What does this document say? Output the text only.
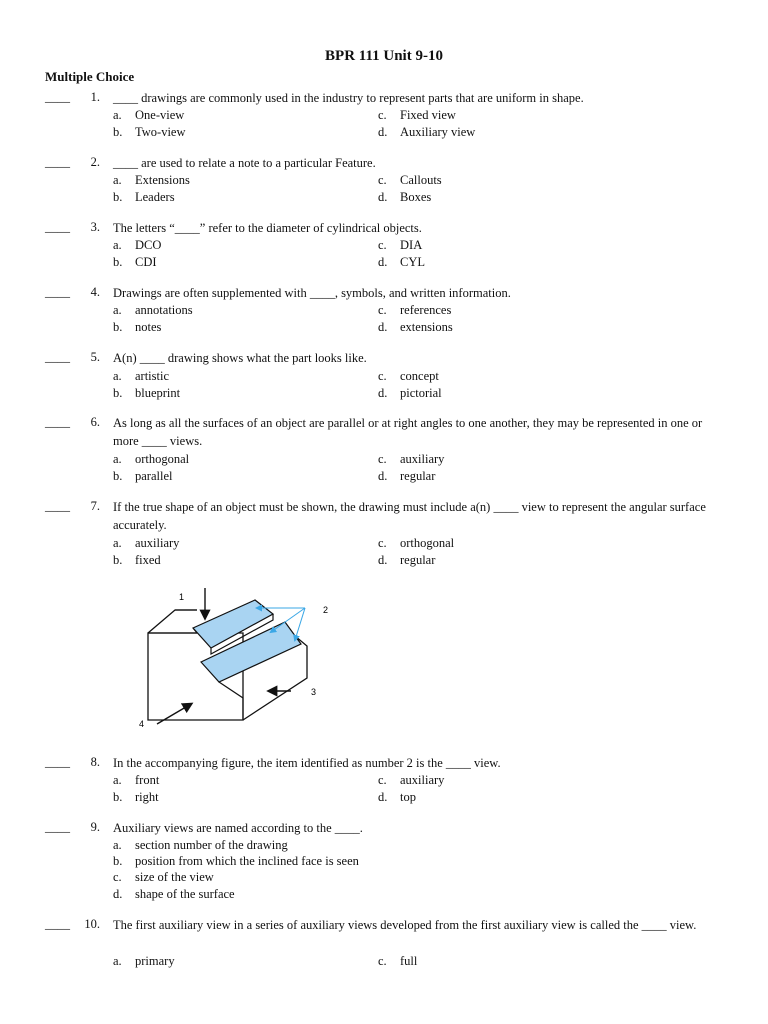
BPR 111 Unit 9-10
Multiple Choice
____	1. ____ drawings are commonly used in the industry to represent parts that are uniform in shape.
a.	One-view
b.	Two-view
c.	Fixed view
d.	Auxiliary view
____	2. ____ are used to relate a note to a particular Feature.
a.	Extensions
b.	Leaders
c.	Callouts
d.	Boxes
____	3. The letters “____” refer to the diameter of cylindrical objects.
a.	DCO
b.	CDI
c.	DIA
d.	CYL
____	4. Drawings are often supplemented with ____, symbols, and written information.
a.	annotations
b.	notes
c.	references
d.	extensions
____	5. A(n) ____ drawing shows what the part looks like.
a.	artistic
b.	blueprint
c.	concept
d.	pictorial
____	6. As long as all the surfaces of an object are parallel or at right angles to one another, they may be represented in one or more ____ views.
a.	orthogonal
b.	parallel
c.	auxiliary
d.	regular
____	7. If the true shape of an object must be shown, the drawing must include a(n) ____ view to represent the angular surface accurately.
a.	auxiliary
b.	fixed
c.	orthogonal
d.	regular
1
2
3
4
____	8. In the accompanying figure, the item identified as number 2 is the ____ view.
a.	front
b.	right
c.	auxiliary
d.	top
____	9. Auxiliary views are named according to the ____.
a.	section number of the drawing
b.	position from which the inclined face is seen
c.	size of the view
d.	shape of the surface
____	10. The first auxiliary view in a series of auxiliary views developed from the first auxiliary view is called the ____ view.
a.	primary	c.	full
